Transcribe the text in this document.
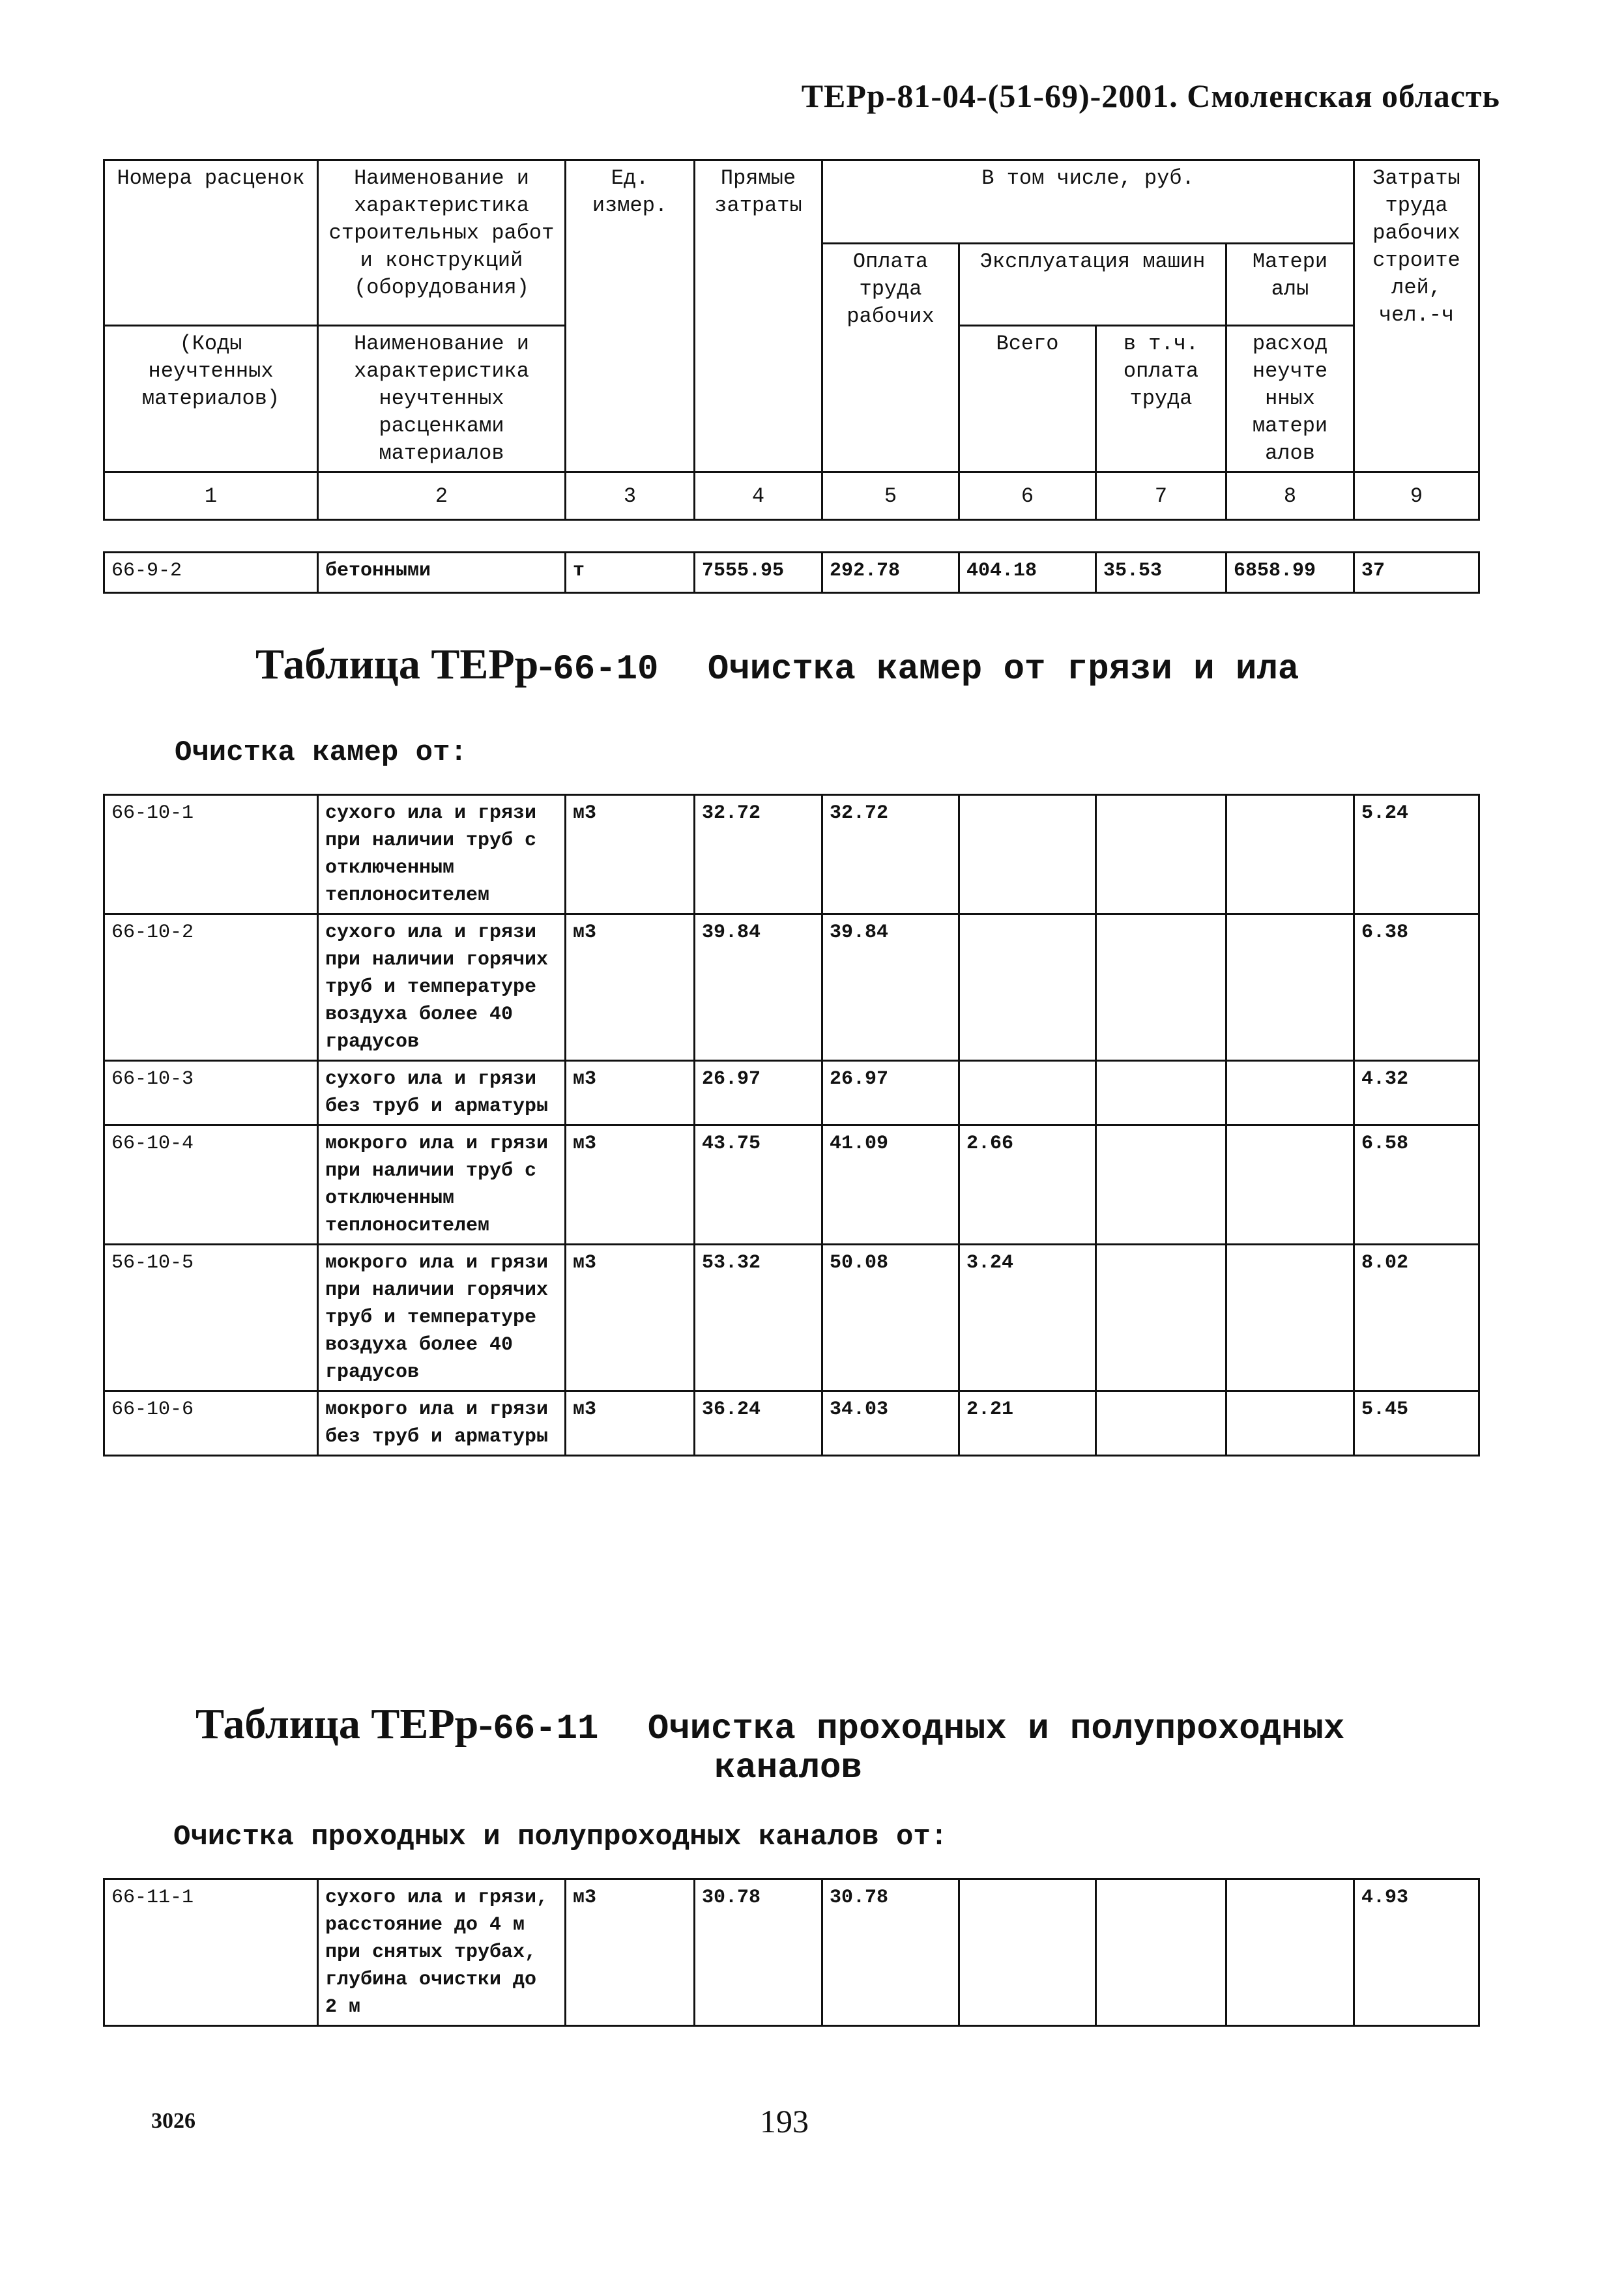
ТЕРр-81-04-(51-69)-2001. Смоленская область
Номера расценок	Наименование и характеристика строительных работ и конструкций (оборудования)	Ед. измер.	Прямые затраты	В том числе, руб.				Затраты труда рабочих строите лей, чел.-ч
				Оплата труда рабочих	Эксплуатация машин		Матери алы	
(Коды неучтенных материалов)	Наименование и характеристика неучтенных расценками материалов				Всего	в т.ч. оплата труда	расход неучте нных матери алов	
1	2	3	4	5	6	7	8	9
66-9-2	бетонными	т	7555.95	292.78	404.18	35.53	6858.99	37
Таблица ТЕРр-66-10 Очистка камер от грязи и ила
Очистка камер от:
66-10-1	сухого ила и грязи при наличии труб с отключенным теплоносителем	м3	32.72	32.72				5.24
66-10-2	сухого ила и грязи при наличии горячих труб и температуре воздуха более 40 градусов	м3	39.84	39.84				6.38
66-10-3	сухого ила и грязи без труб и арматуры	м3	26.97	26.97				4.32
66-10-4	мокрого ила и грязи при наличии труб с отключенным теплоносителем	м3	43.75	41.09	2.66			6.58
56-10-5	мокрого ила и грязи при наличии горячих труб и температуре воздуха более 40 градусов	м3	53.32	50.08	3.24			8.02
66-10-6	мокрого ила и грязи без труб и арматуры	м3	36.24	34.03	2.21			5.45
Таблица ТЕРр-66-11 Очистка проходных и полупроходных
каналов
Очистка проходных и полупроходных каналов от:
66-11-1	сухого ила и грязи, расстояние до 4 м при снятых трубах, глубина очистки до 2 м	м3	30.78	30.78				4.93
3026	193
